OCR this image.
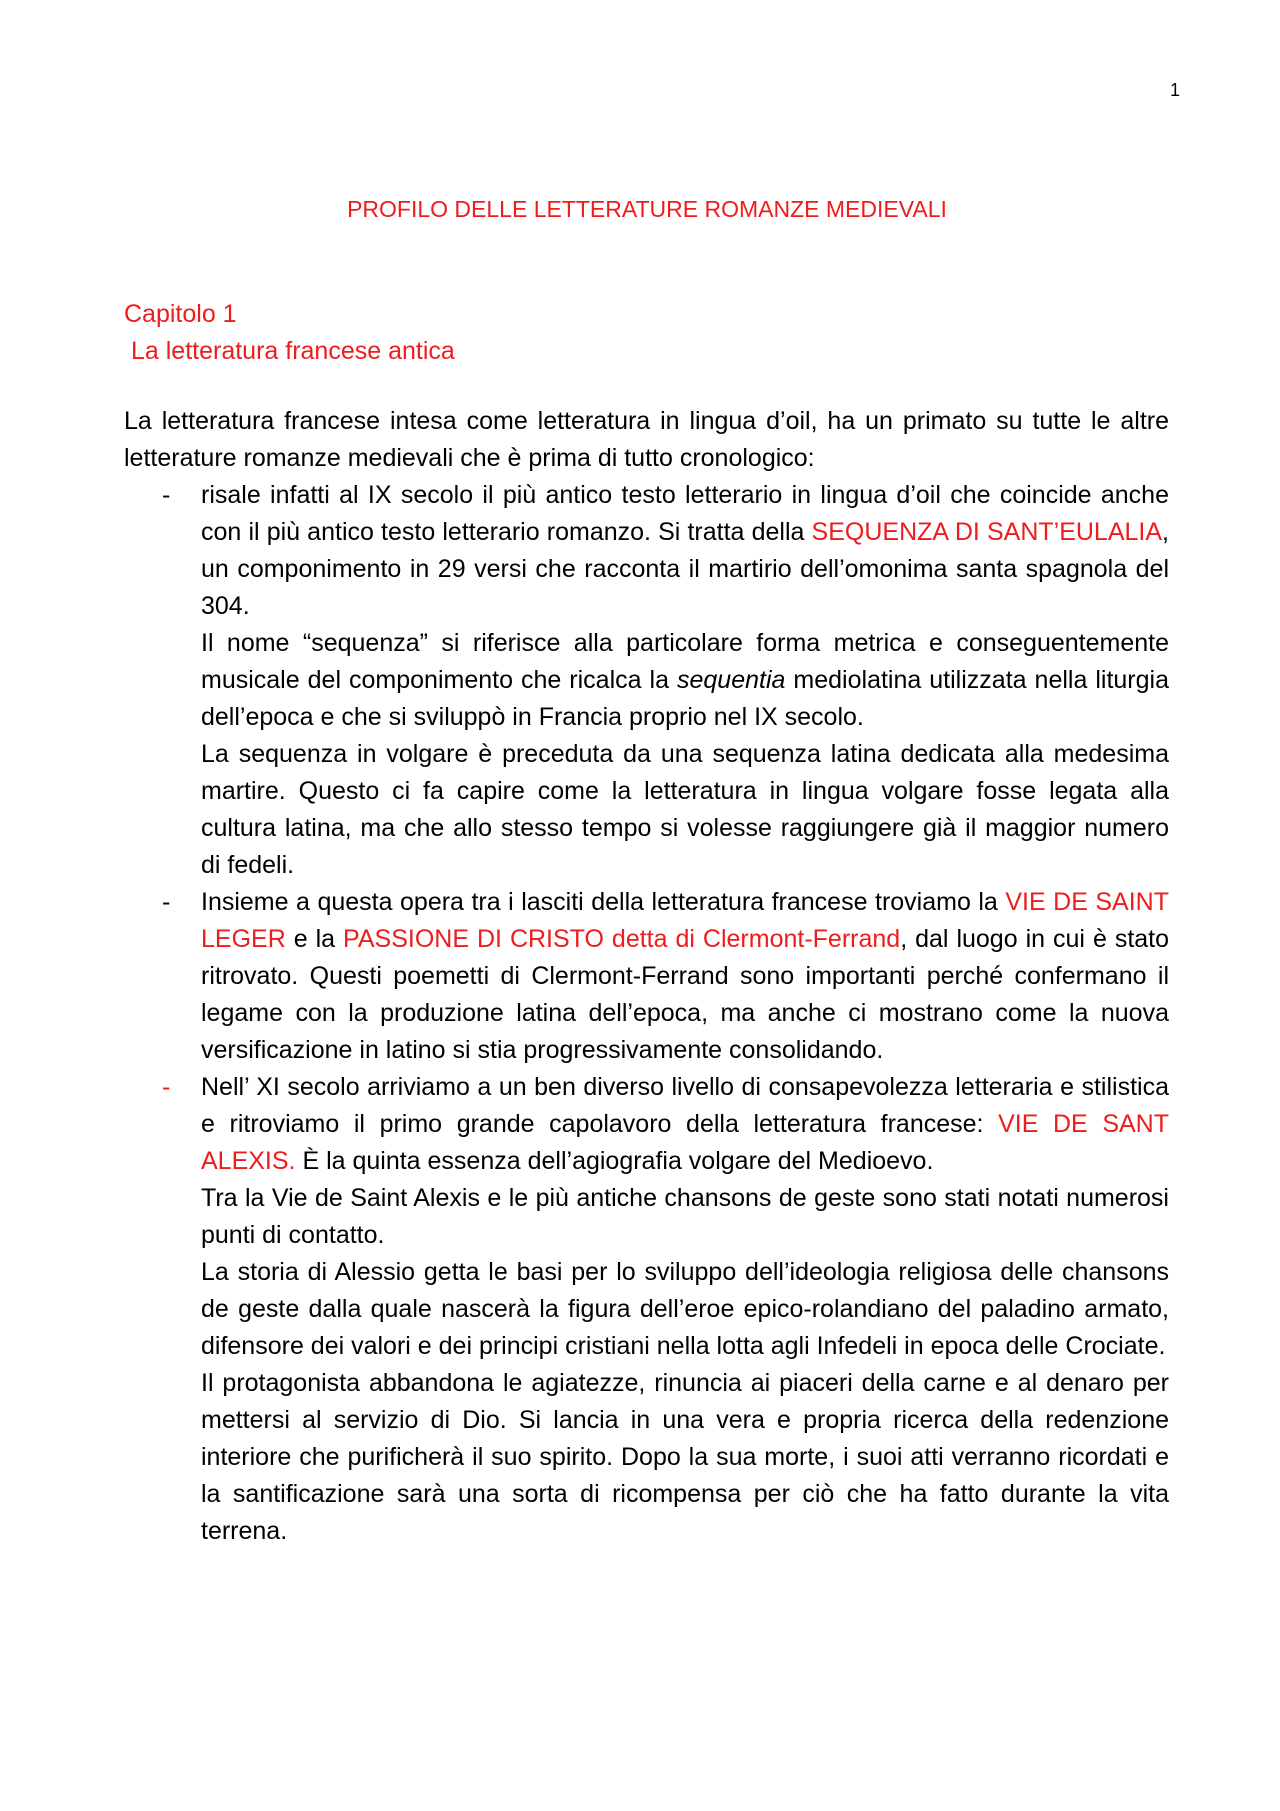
1
PROFILO DELLE LETTERATURE ROMANZE MEDIEVALI
Capitolo 1
La letteratura francese antica

La letteratura francese intesa come letteratura in lingua d’oil, ha un primato su tutte le altre letterature romanze medievali che è prima di tutto cronologico:

- risale infatti al IX secolo il più antico testo letterario in lingua d’oil che coincide anche con il più antico testo letterario romanzo. Si tratta della SEQUENZA DI SANT’EULALIA, un componimento in 29 versi che racconta il martirio dell’omonima santa spagnola del 304.

Il nome “sequenza” si riferisce alla particolare forma metrica e conseguentemente musicale del componimento che ricalca la sequentia mediolatina utilizzata nella liturgia dell’epoca e che si sviluppò in Francia proprio nel IX secolo.

La sequenza in volgare è preceduta da una sequenza latina dedicata alla medesima martire. Questo ci fa capire come la letteratura in lingua volgare fosse legata alla cultura latina, ma che allo stesso tempo si volesse raggiungere già il maggior numero di fedeli.

- Insieme a questa opera tra i lasciti della letteratura francese troviamo la VIE DE SAINT LEGER e la PASSIONE DI CRISTO detta di Clermont-Ferrand, dal luogo in cui è stato ritrovato. Questi poemetti di Clermont-Ferrand sono importanti perché confermano il legame con la produzione latina dell’epoca, ma anche ci mostrano come la nuova versificazione in latino si stia progressivamente consolidando.

- Nell’ XI secolo arriviamo a un ben diverso livello di consapevolezza letteraria e stilistica e ritroviamo il primo grande capolavoro della letteratura francese: VIE DE SANT ALEXIS. È la quinta essenza dell’agiografia volgare del Medioevo.

Tra la Vie de Saint Alexis e le più antiche chansons de geste sono stati notati numerosi punti di contatto.

La storia di Alessio getta le basi per lo sviluppo dell’ideologia religiosa delle chansons de geste dalla quale nascerà la figura dell’eroe epico-rolandiano del paladino armato, difensore dei valori e dei principi cristiani nella lotta agli Infedeli in epoca delle Crociate.

Il protagonista abbandona le agiatezze, rinuncia ai piaceri della carne e al denaro per mettersi al servizio di Dio. Si lancia in una vera e propria ricerca della redenzione interiore che purificherà il suo spirito. Dopo la sua morte, i suoi atti verranno ricordati e la santificazione sarà una sorta di ricompensa per ciò che ha fatto durante la vita terrena.
